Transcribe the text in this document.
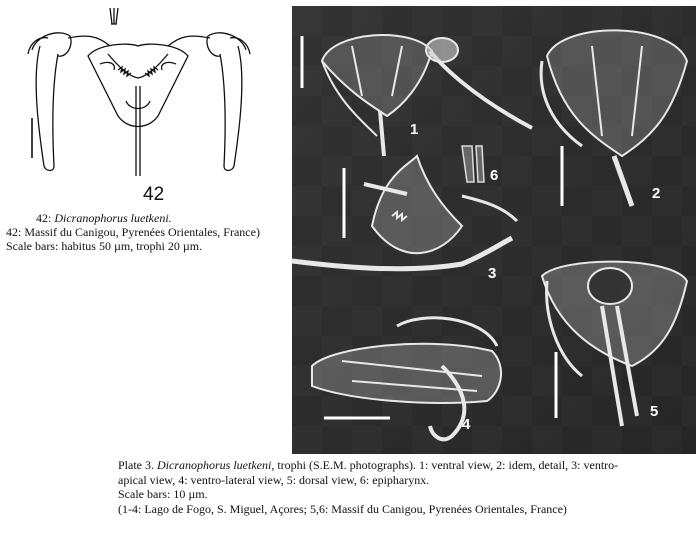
42
42: Dicranophorus luetkeni.
42: Massif du Canigou, Pyrenées Orientales, France)
Scale bars: habitus 50 µm, trophi 20 µm.
1
2
3
4
5
6
Plate 3. Dicranophorus luetkeni, trophi (S.E.M. photographs). 1: ventral view, 2: idem, detail, 3: ventro-
apical view, 4: ventro-lateral view, 5: dorsal view, 6: epipharynx.
Scale bars: 10 µm.
(1-4: Lago de Fogo, S. Miguel, Açores; 5,6: Massif du Canigou, Pyrenées Orientales, France)
